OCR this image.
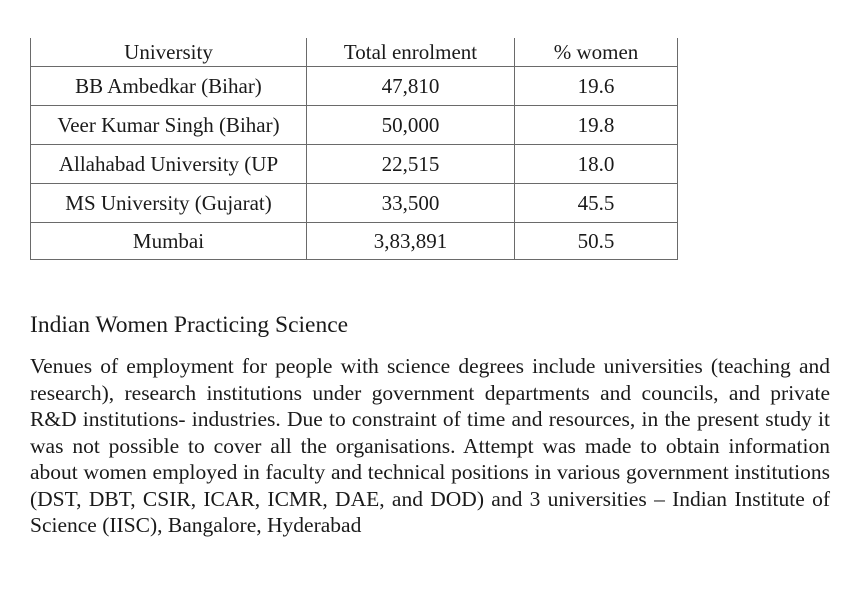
University	Total enrolment	% women
BB Ambedkar (Bihar)	47,810	19.6
Veer Kumar Singh (Bihar)	50,000	19.8
Allahabad University (UP	22,515	18.0
MS University (Gujarat)	33,500	45.5
Mumbai	3,83,891	50.5
Indian Women Practicing Science

Venues of employment for people with science degrees include universities (teaching and research), research institutions under government departments and councils, and private R&D institutions- industries. Due to constraint of time and resources, in the present study it was not possible to cover all the organisations. Attempt was made to obtain information about women employed in faculty and technical positions in various government institutions (DST, DBT, CSIR, ICAR, ICMR, DAE, and DOD) and 3 universities – Indian Institute of Science (IISC), Bangalore, Hyderabad
